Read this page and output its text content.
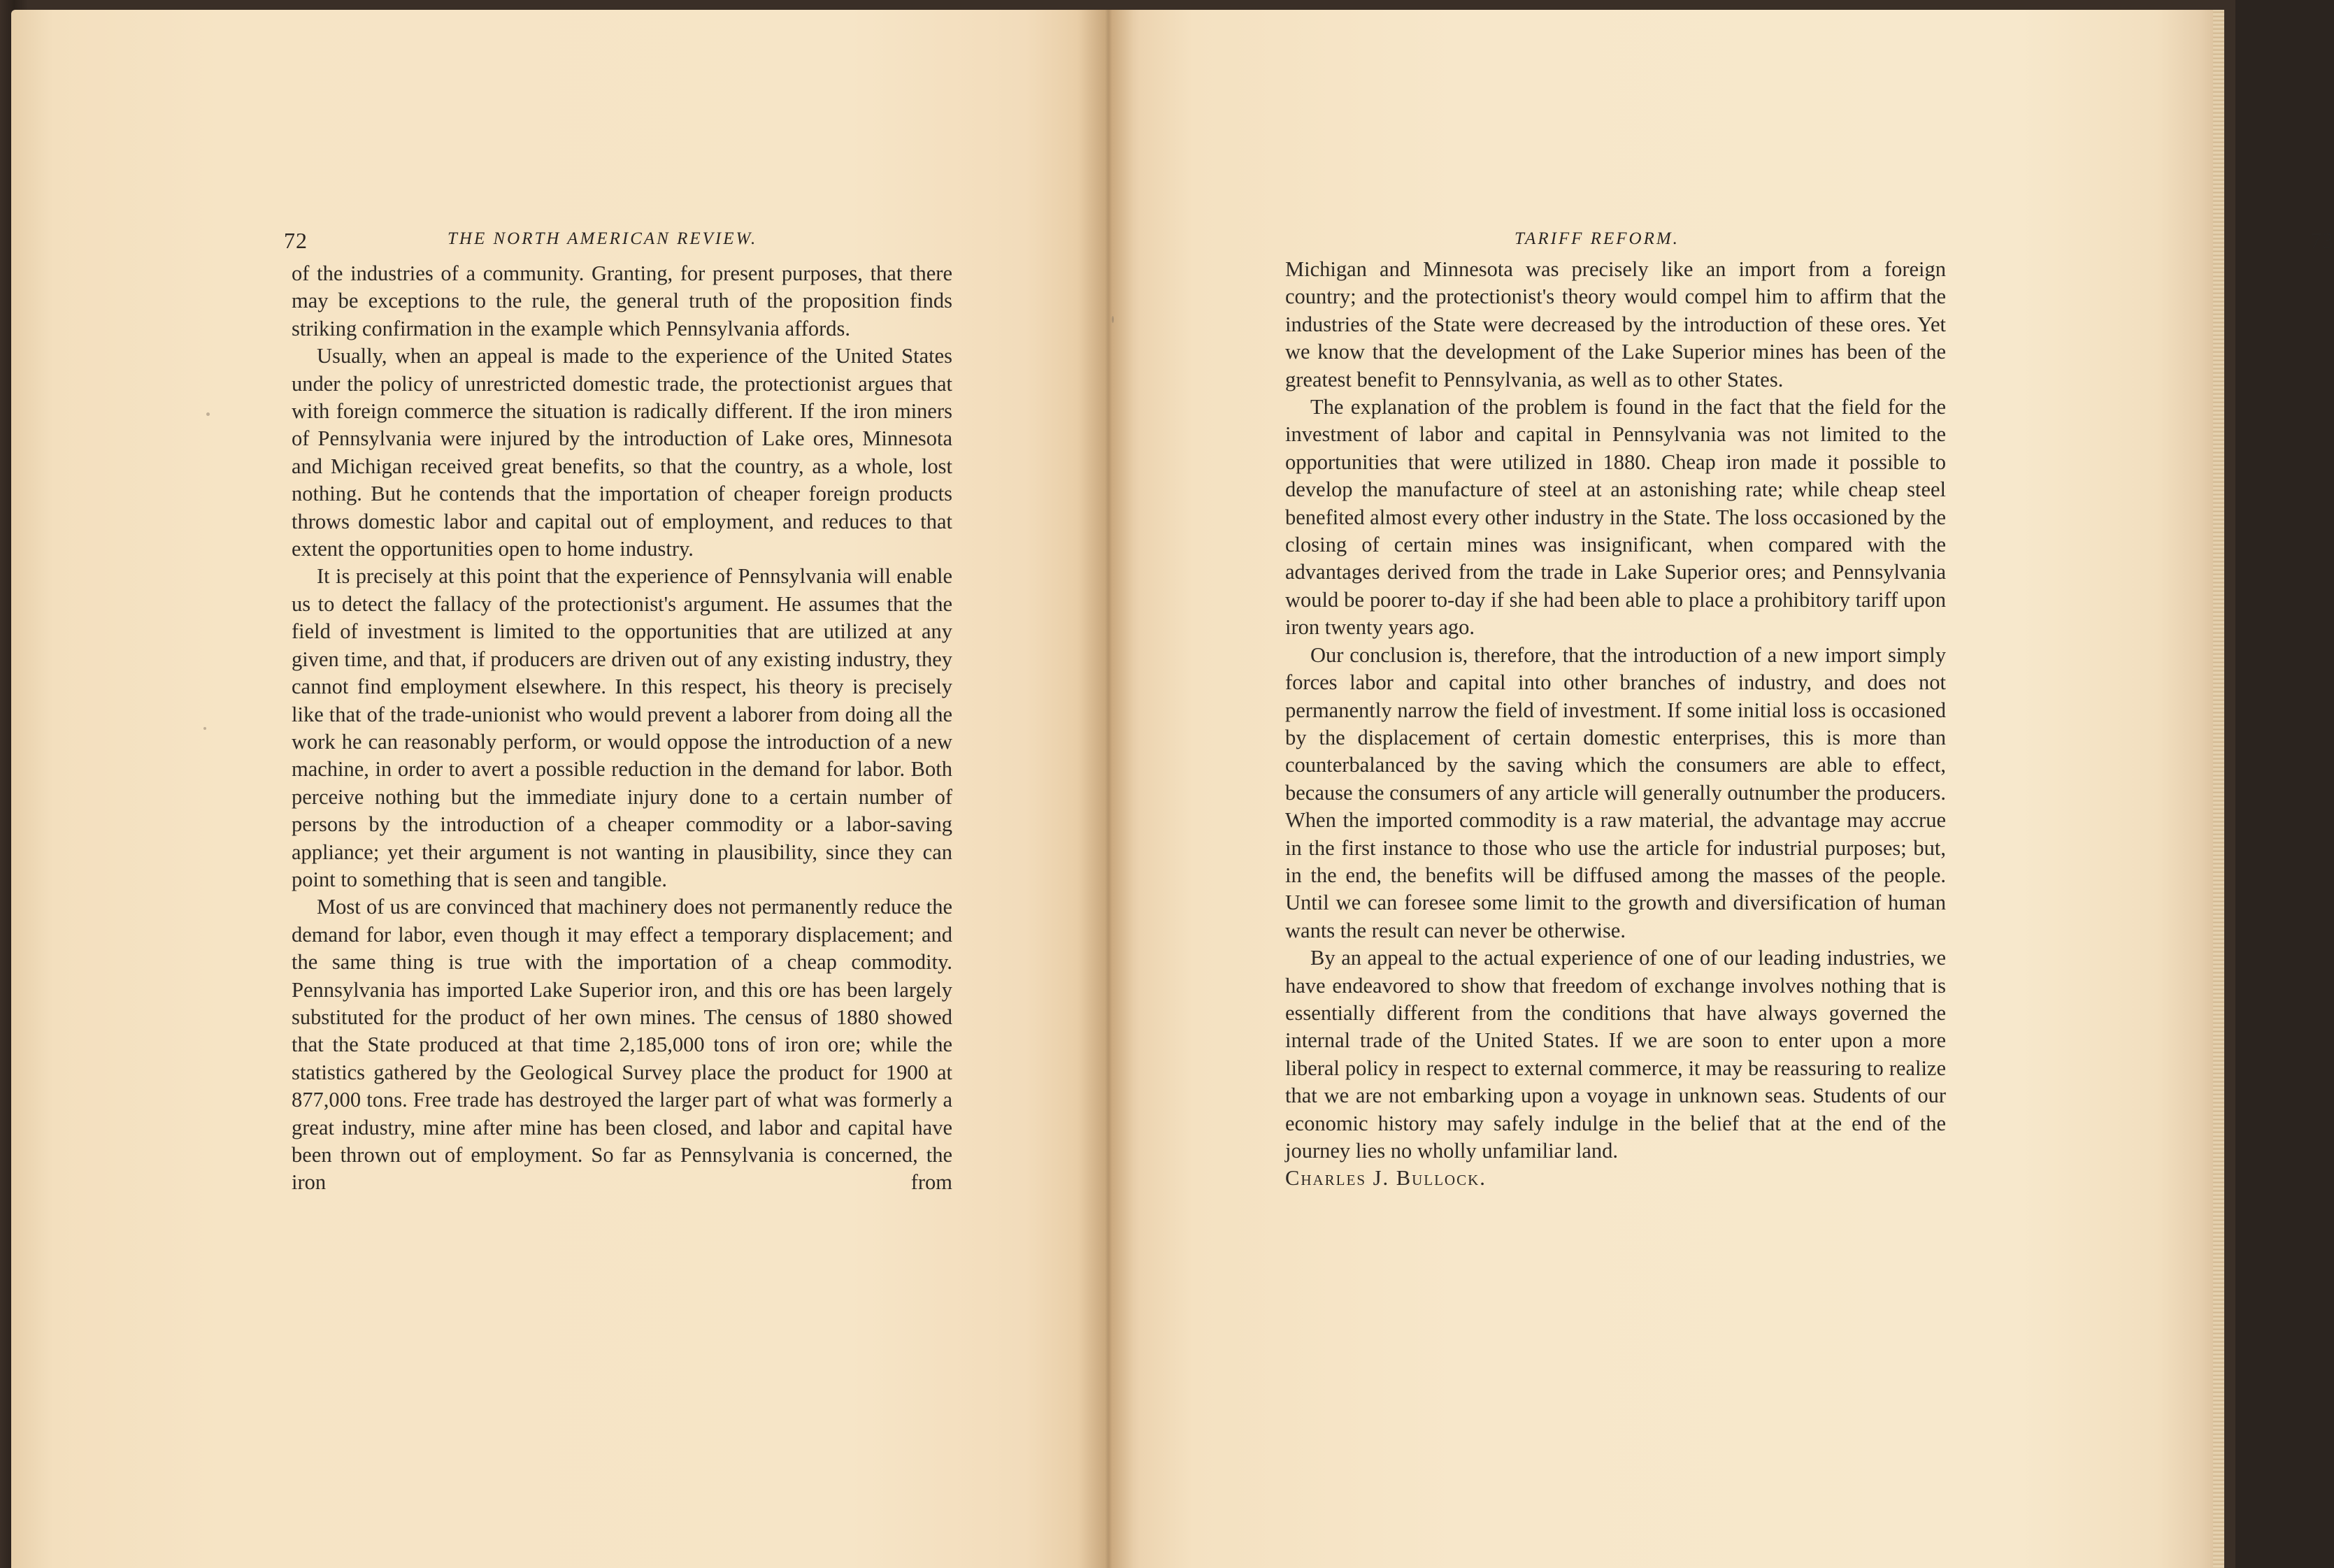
72	THE NORTH AMERICAN REVIEW.

of the industries of a community. Granting, for present purposes, that there may be exceptions to the rule, the general truth of the proposition finds striking confirmation in the example which Pennsylvania affords.

Usually, when an appeal is made to the experience of the United States under the policy of unrestricted domestic trade, the protectionist argues that with foreign commerce the situation is radically different. If the iron miners of Pennsylvania were injured by the introduction of Lake ores, Minnesota and Michigan received great benefits, so that the country, as a whole, lost nothing. But he contends that the importation of cheaper foreign products throws domestic labor and capital out of employment, and reduces to that extent the opportunities open to home industry.

It is precisely at this point that the experience of Pennsylvania will enable us to detect the fallacy of the protectionist's argument. He assumes that the field of investment is limited to the opportunities that are utilized at any given time, and that, if producers are driven out of any existing industry, they cannot find employment elsewhere. In this respect, his theory is precisely like that of the trade-unionist who would prevent a laborer from doing all the work he can reasonably perform, or would oppose the introduction of a new machine, in order to avert a possible reduction in the demand for labor. Both perceive nothing but the immediate injury done to a certain number of persons by the introduction of a cheaper commodity or a labor-saving appliance; yet their argument is not wanting in plausibility, since they can point to something that is seen and tangible.

Most of us are convinced that machinery does not permanently reduce the demand for labor, even though it may effect a temporary displacement; and the same thing is true with the importation of a cheap commodity. Pennsylvania has imported Lake Superior iron, and this ore has been largely substituted for the product of her own mines. The census of 1880 showed that the State produced at that time 2,185,000 tons of iron ore; while the statistics gathered by the Geological Survey place the product for 1900 at 877,000 tons. Free trade has destroyed the larger part of what was formerly a great industry, mine after mine has been closed, and labor and capital have been thrown out of employment. So far as Pennsylvania is concerned, the iron from

TARIFF REFORM.	73

Michigan and Minnesota was precisely like an import from a foreign country; and the protectionist's theory would compel him to affirm that the industries of the State were decreased by the introduction of these ores. Yet we know that the development of the Lake Superior mines has been of the greatest benefit to Pennsylvania, as well as to other States.

The explanation of the problem is found in the fact that the field for the investment of labor and capital in Pennsylvania was not limited to the opportunities that were utilized in 1880. Cheap iron made it possible to develop the manufacture of steel at an astonishing rate; while cheap steel benefited almost every other industry in the State. The loss occasioned by the closing of certain mines was insignificant, when compared with the advantages derived from the trade in Lake Superior ores; and Pennsylvania would be poorer to-day if she had been able to place a prohibitory tariff upon iron twenty years ago.

Our conclusion is, therefore, that the introduction of a new import simply forces labor and capital into other branches of industry, and does not permanently narrow the field of investment. If some initial loss is occasioned by the displacement of certain domestic enterprises, this is more than counterbalanced by the saving which the consumers are able to effect, because the consumers of any article will generally outnumber the producers. When the imported commodity is a raw material, the advantage may accrue in the first instance to those who use the article for industrial purposes; but, in the end, the benefits will be diffused among the masses of the people. Until we can foresee some limit to the growth and diversification of human wants the result can never be otherwise.

By an appeal to the actual experience of one of our leading industries, we have endeavored to show that freedom of exchange involves nothing that is essentially different from the conditions that have always governed the internal trade of the United States. If we are soon to enter upon a more liberal policy in respect to external commerce, it may be reassuring to realize that we are not embarking upon a voyage in unknown seas. Students of our economic history may safely indulge in the belief that at the end of the journey lies no wholly unfamiliar land.

Charles J. Bullock.
